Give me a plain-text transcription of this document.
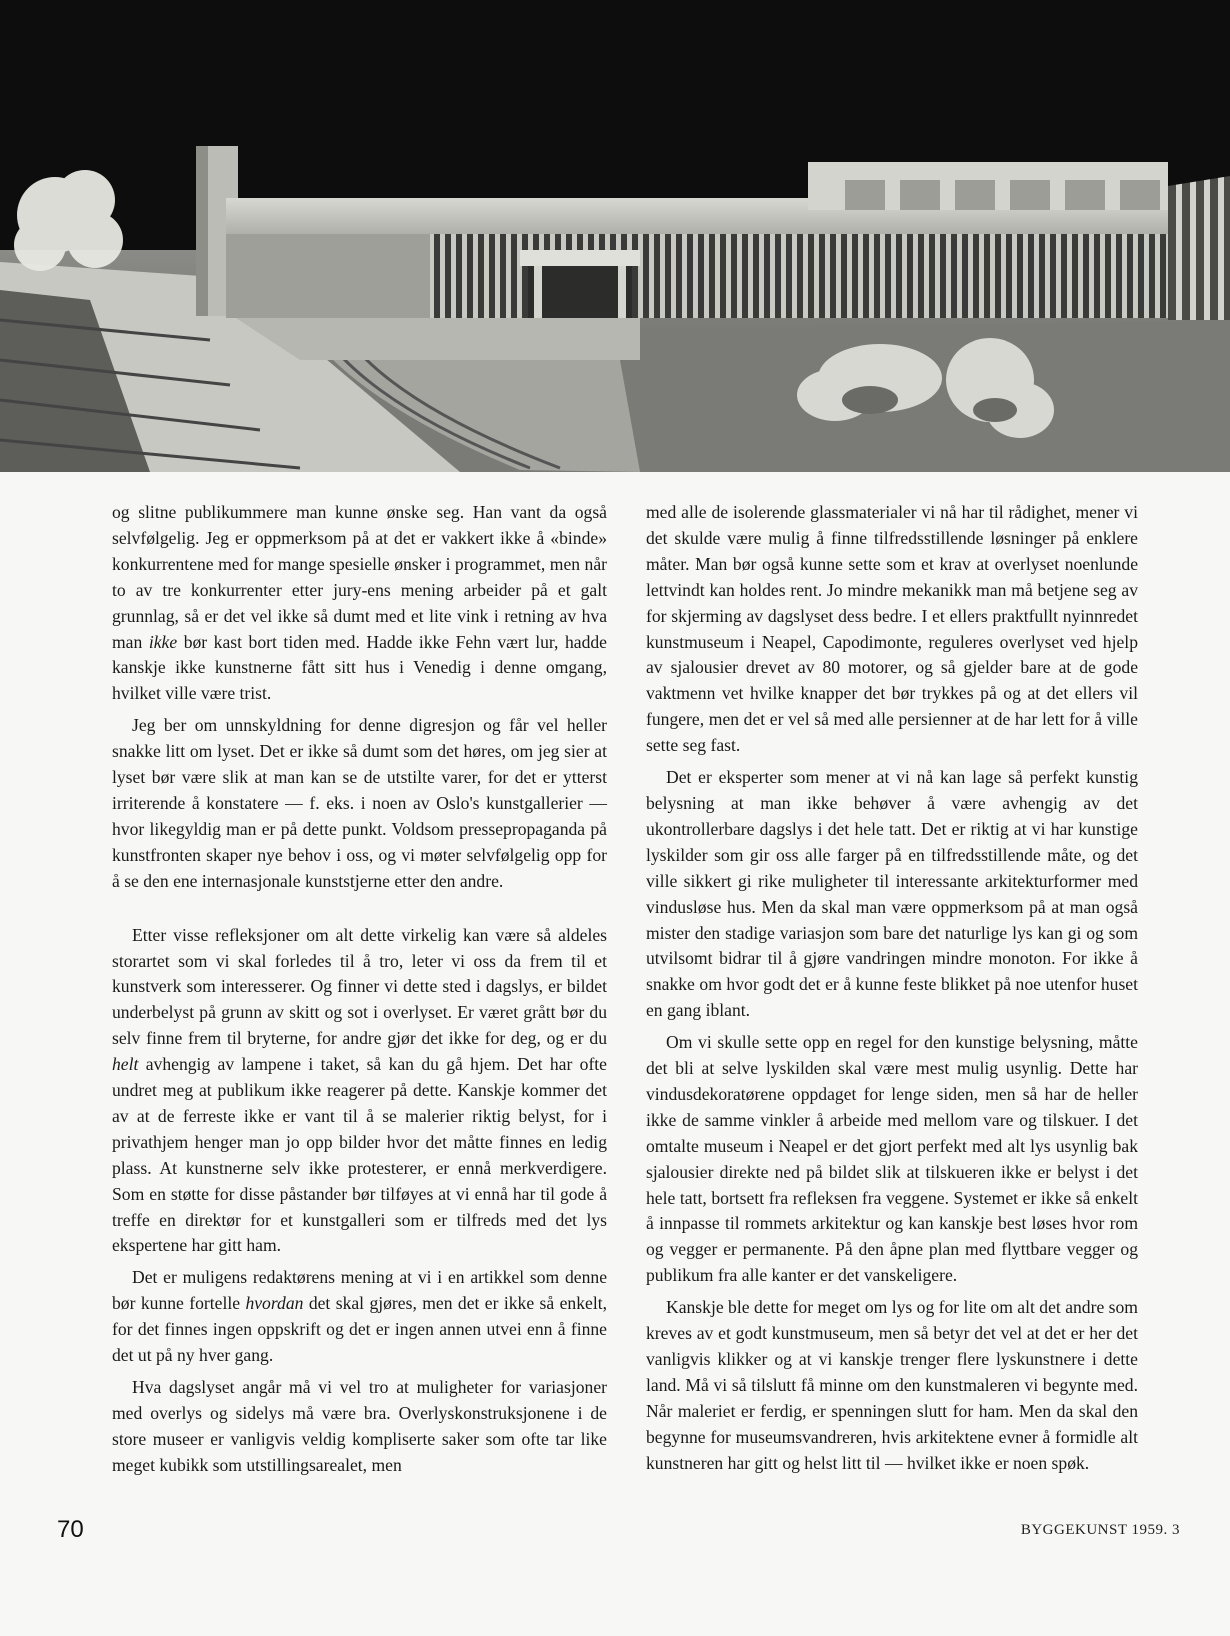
og slitne publikummere man kunne ønske seg. Han vant da også selvfølgelig. Jeg er oppmerksom på at det er vakkert ikke å «binde» konkurrentene med for mange spesielle ønsker i programmet, men når to av tre konkurrenter etter jury-ens mening arbeider på et galt grunnlag, så er det vel ikke så dumt med et lite vink i retning av hva man ikke bør kast bort tiden med. Hadde ikke Fehn vært lur, hadde kanskje ikke kunstnerne fått sitt hus i Venedig i denne omgang, hvilket ville være trist.

Jeg ber om unnskyldning for denne digresjon og får vel heller snakke litt om lyset. Det er ikke så dumt som det høres, om jeg sier at lyset bør være slik at man kan se de utstilte varer, for det er ytterst irriterende å konstatere — f. eks. i noen av Oslo's kunstgallerier — hvor likegyldig man er på dette punkt. Voldsom pressepropaganda på kunstfronten skaper nye behov i oss, og vi møter selvfølgelig opp for å se den ene internasjonale kunststjerne etter den andre.

Etter visse refleksjoner om alt dette virkelig kan være så aldeles storartet som vi skal forledes til å tro, leter vi oss da frem til et kunstverk som interesserer. Og finner vi dette sted i dagslys, er bildet underbelyst på grunn av skitt og sot i overlyset. Er været grått bør du selv finne frem til bryterne, for andre gjør det ikke for deg, og er du helt avhengig av lampene i taket, så kan du gå hjem. Det har ofte undret meg at publikum ikke reagerer på dette. Kanskje kommer det av at de ferreste ikke er vant til å se malerier riktig belyst, for i privathjem henger man jo opp bilder hvor det måtte finnes en ledig plass. At kunstnerne selv ikke protesterer, er ennå merkverdigere. Som en støtte for disse påstander bør tilføyes at vi ennå har til gode å treffe en direktør for et kunstgalleri som er tilfreds med det lys ekspertene har gitt ham.

Det er muligens redaktørens mening at vi i en artikkel som denne bør kunne fortelle hvordan det skal gjøres, men det er ikke så enkelt, for det finnes ingen oppskrift og det er ingen annen utvei enn å finne det ut på ny hver gang.

Hva dagslyset angår må vi vel tro at muligheter for variasjoner med overlys og sidelys må være bra. Overlyskonstruksjonene i de store museer er vanligvis veldig kompliserte saker som ofte tar like meget kubikk som utstillingsarealet, men

med alle de isolerende glassmaterialer vi nå har til rådighet, mener vi det skulde være mulig å finne tilfredsstillende løsninger på enklere måter. Man bør også kunne sette som et krav at overlyset noenlunde lettvindt kan holdes rent. Jo mindre mekanikk man må betjene seg av for skjerming av dagslyset dess bedre. I et ellers praktfullt nyinnredet kunstmuseum i Neapel, Capodimonte, reguleres overlyset ved hjelp av sjalousier drevet av 80 motorer, og så gjelder bare at de gode vaktmenn vet hvilke knapper det bør trykkes på og at det ellers vil fungere, men det er vel så med alle persienner at de har lett for å ville sette seg fast.

Det er eksperter som mener at vi nå kan lage så perfekt kunstig belysning at man ikke behøver å være avhengig av det ukontrollerbare dagslys i det hele tatt. Det er riktig at vi har kunstige lyskilder som gir oss alle farger på en tilfredsstillende måte, og det ville sikkert gi rike muligheter til interessante arkitekturformer med vindusløse hus. Men da skal man være oppmerksom på at man også mister den stadige variasjon som bare det naturlige lys kan gi og som utvilsomt bidrar til å gjøre vandringen mindre monoton. For ikke å snakke om hvor godt det er å kunne feste blikket på noe utenfor huset en gang iblant.

Om vi skulle sette opp en regel for den kunstige belysning, måtte det bli at selve lyskilden skal være mest mulig usynlig. Dette har vindusdekoratørene oppdaget for lenge siden, men så har de heller ikke de samme vinkler å arbeide med mellom vare og tilskuer. I det omtalte museum i Neapel er det gjort perfekt med alt lys usynlig bak sjalousier direkte ned på bildet slik at tilskueren ikke er belyst i det hele tatt, bortsett fra refleksen fra veggene. Systemet er ikke så enkelt å innpasse til rommets arkitektur og kan kanskje best løses hvor rom og vegger er permanente. På den åpne plan med flyttbare vegger og publikum fra alle kanter er det vanskeligere.

Kanskje ble dette for meget om lys og for lite om alt det andre som kreves av et godt kunstmuseum, men så betyr det vel at det er her det vanligvis klikker og at vi kanskje trenger flere lyskunstnere i dette land. Må vi så tilslutt få minne om den kunstmaleren vi begynte med. Når maleriet er ferdig, er spenningen slutt for ham. Men da skal den begynne for museumsvandreren, hvis arkitektene evner å formidle alt kunstneren har gitt og helst litt til — hvilket ikke er noen spøk.

70	BYGGEKUNST 1959. 3
